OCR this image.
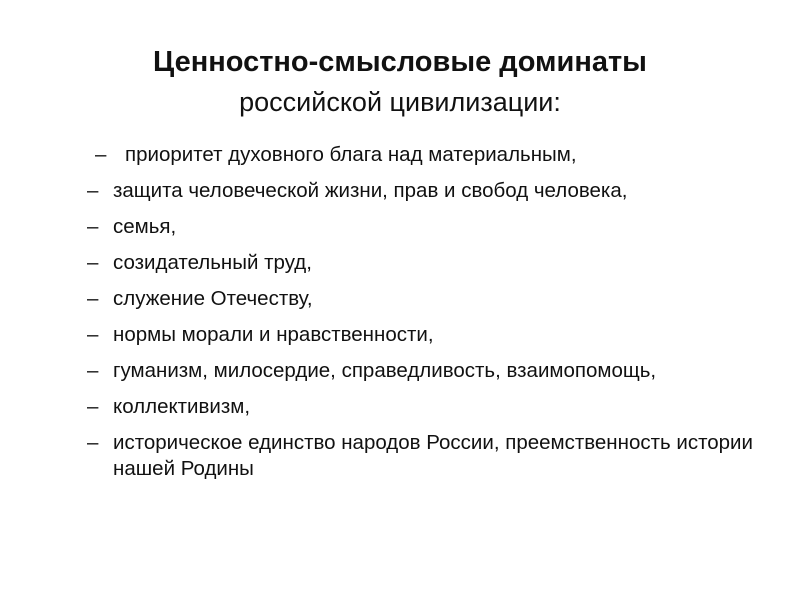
Ценностно-смысловые доминаты
российской цивилизации:
– приоритет духовного блага над материальным,
– защита человеческой жизни, прав и свобод человека,
– семья,
– созидательный труд,
– служение Отечеству,
– нормы морали и нравственности,
– гуманизм, милосердие, справедливость, взаимопомощь,
– коллективизм,
– историческое единство народов России, преемственность истории нашей Родины
